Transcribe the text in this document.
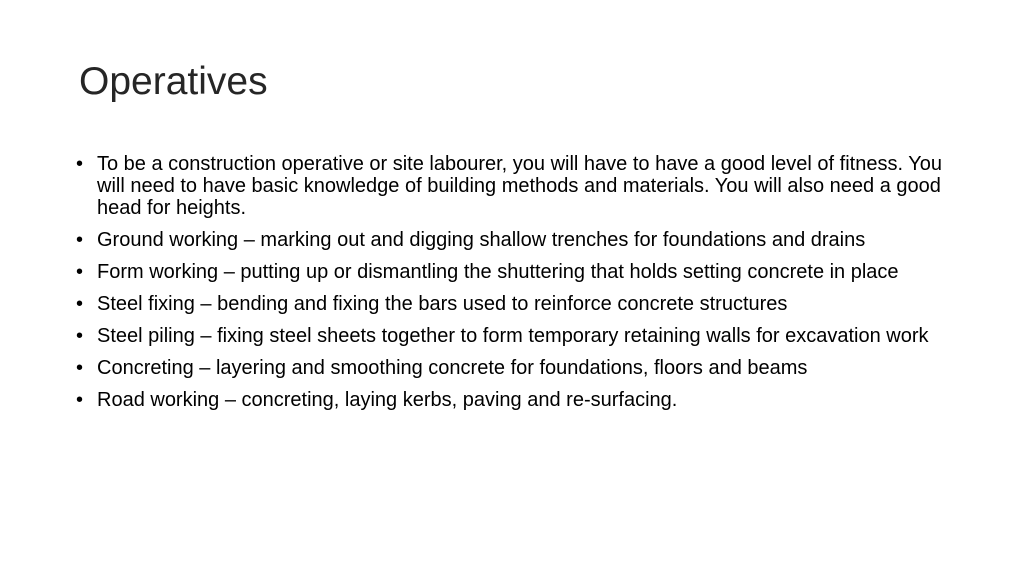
Operatives
• To be a construction operative or site labourer, you will have to have a good level of fitness. You will need to have basic knowledge of building methods and materials. You will also need a good head for heights.
• Ground working – marking out and digging shallow trenches for foundations and drains
• Form working – putting up or dismantling the shuttering that holds setting concrete in place
• Steel fixing – bending and fixing the bars used to reinforce concrete structures
• Steel piling – fixing steel sheets together to form temporary retaining walls for excavation work
• Concreting – layering and smoothing concrete for foundations, floors and beams
• Road working – concreting, laying kerbs, paving and re-surfacing.
